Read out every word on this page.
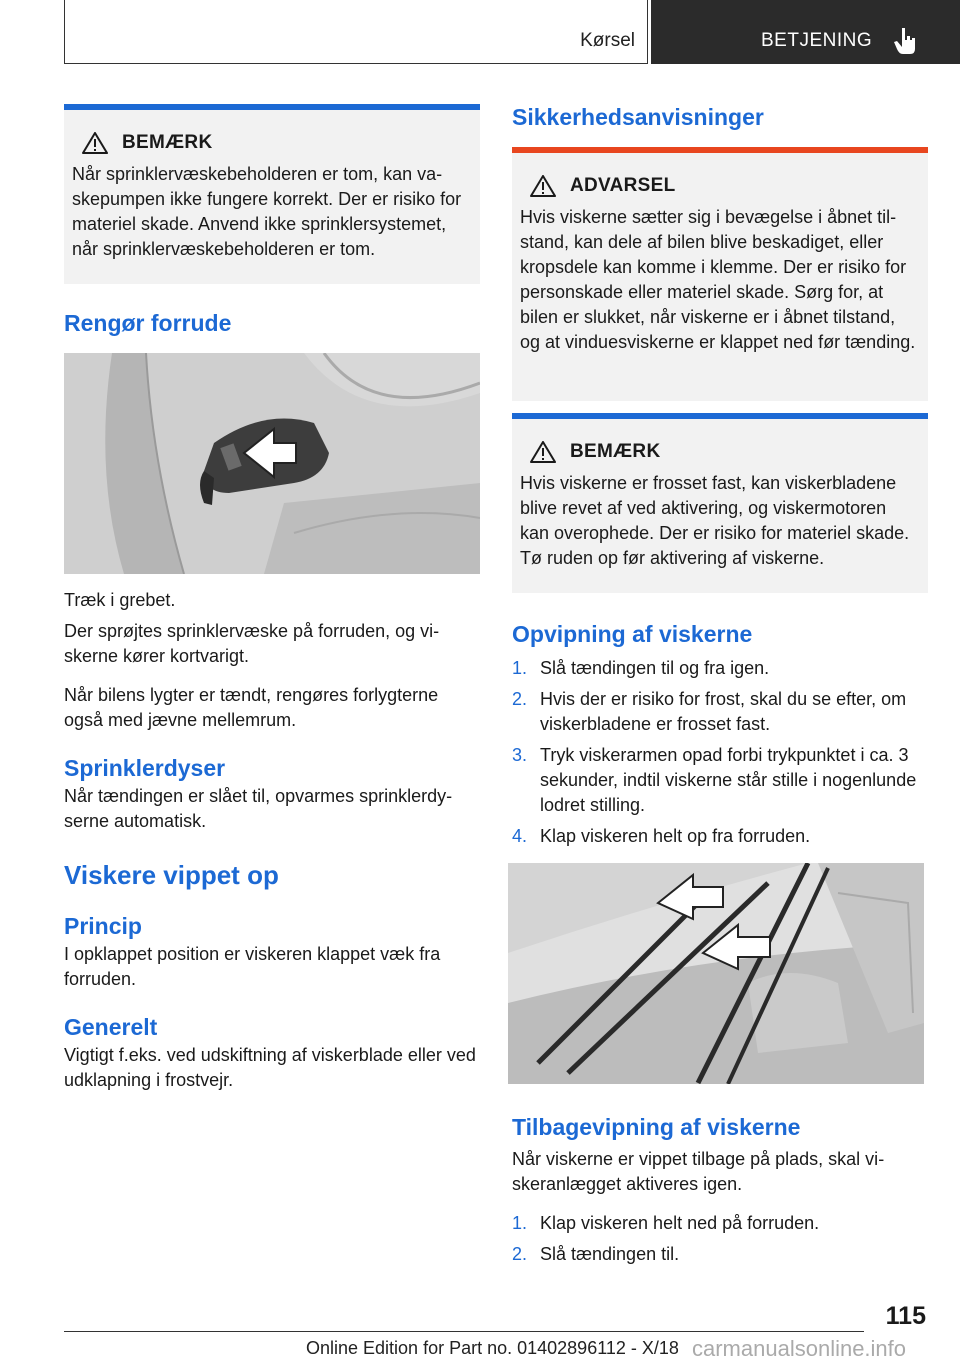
Kørsel	BETJENING
BEMÆRK

Når sprinklervæskebeholderen er tom, kan vaskepumpen ikke fungere korrekt. Der er risiko for materiel skade. Anvend ikke sprinklersystemet, når sprinklervæskebeholderen er tom.

Rengør forrude

Træk i grebet.

Der sprøjtes sprinklervæske på forruden, og viskerne kører kortvarigt.

Når bilens lygter er tændt, rengøres forlygterne også med jævne mellemrum.

Sprinklerdyser

Når tændingen er slået til, opvarmes sprinklerdyserne automatisk.

Viskere vippet op
Princip

I opklappet position er viskeren klappet væk fra forruden.

Generelt

Vigtigt f.eks. ved udskiftning af viskerblade eller ved udklapning i frostvejr.

Sikkerhedsanvisninger
ADVARSEL

Hvis viskerne sætter sig i bevægelse i åbnet tilstand, kan dele af bilen blive beskadiget, eller kropsdele kan komme i klemme. Der er risiko for personskade eller materiel skade. Sørg for, at bilen er slukket, når viskerne er i åbnet tilstand, og at vinduesviskerne er klappet ned før tænding.

BEMÆRK

Hvis viskerne er frosset fast, kan viskerbladene blive revet af ved aktivering, og viskermotoren kan overophede. Der er risiko for materiel skade. Tø ruden op før aktivering af viskerne.

Opvipning af viskerne
1. Slå tændingen til og fra igen.
2. Hvis der er risiko for frost, skal du se efter, om viskerbladene er frosset fast.
3. Tryk viskerarmen opad forbi trykpunktet i ca. 3 sekunder, indtil viskerne står stille i nogenlunde lodret stilling.
4. Klap viskeren helt op fra forruden.
Tilbagevipning af viskerne

Når viskerne er vippet tilbage på plads, skal viskeranlægget aktiveres igen.

1. Klap viskeren helt ned på forruden.
2. Slå tændingen til.
115
Online Edition for Part no. 01402896112 - X/18 carmanualsonline.info
